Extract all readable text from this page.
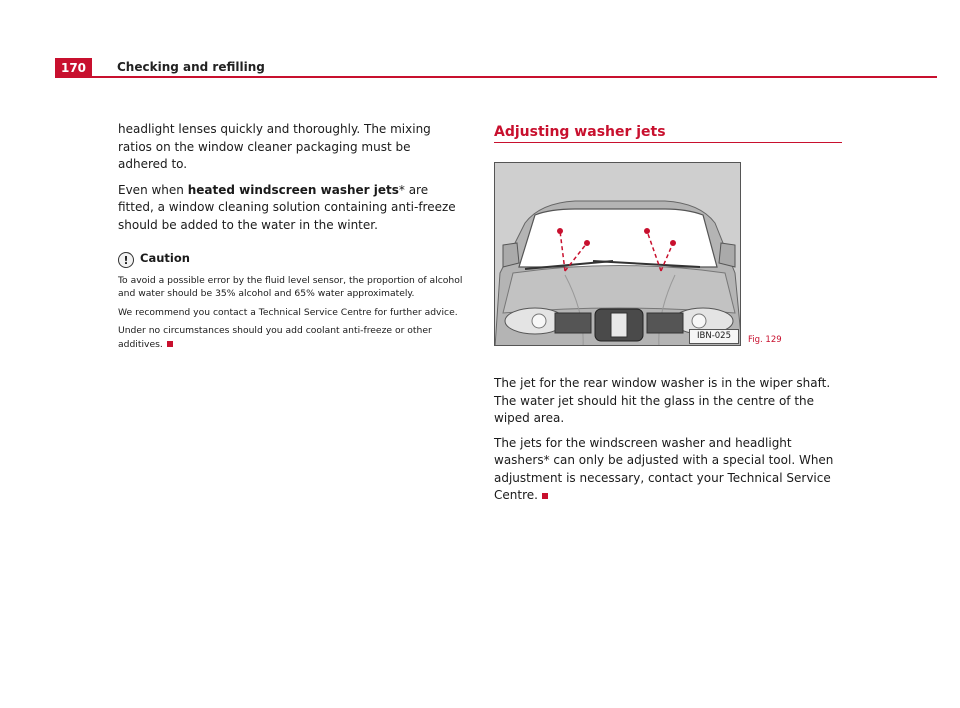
170	Checking and refilling

headlight lenses quickly and thoroughly. The mixing ratios on the window cleaner packaging must be adhered to.

Even when heated windscreen washer jets* are fitted, a window cleaning solution containing anti-freeze should be added to the water in the winter.

! Caution

To avoid a possible error by the fluid level sensor, the proportion of alcohol and water should be 35% alcohol and 65% water approximately.

We recommend you contact a Technical Service Centre for further advice.

Under no circumstances should you add coolant anti-freeze or other additives.

Adjusting washer jets
IBN-025	Fig. 129

The jet for the rear window washer is in the wiper shaft. The water jet should hit the glass in the centre of the wiped area.

The jets for the windscreen washer and headlight washers* can only be adjusted with a special tool. When adjustment is necessary, contact your Technical Service Centre.
